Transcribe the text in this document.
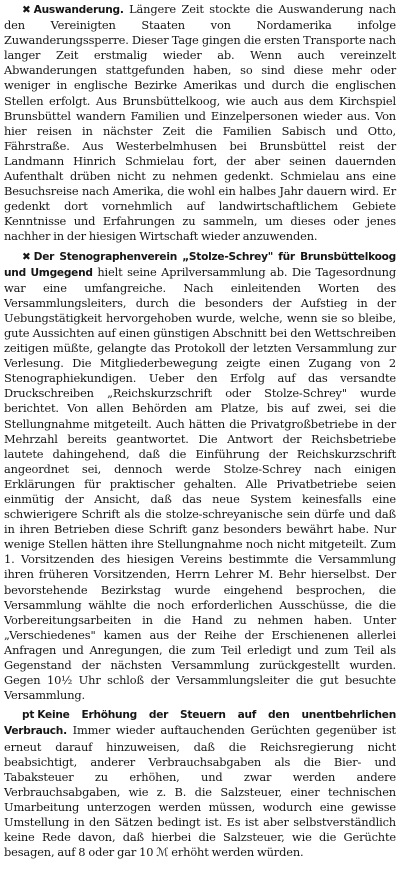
✖ Auswanderung. Längere Zeit stockte die Auswanderung nach den Vereinigten Staaten von Nordamerika infolge Zuwanderungssperre. Dieser Tage gingen die ersten Transporte nach langer Zeit erstmalig wieder ab. Wenn auch vereinzelt Abwanderungen stattgefunden haben, so sind diese mehr oder weniger in englische Bezirke Amerikas und durch die englischen Stellen erfolgt. Aus Brunsbüttelkoog, wie auch aus dem Kirchspiel Brunsbüttel wandern Familien und Einzelpersonen wieder aus. Von hier reisen in nächster Zeit die Familien Sabisch und Otto, Fährstraße. Aus Westerbelmhusen bei Brunsbüttel reist der Landmann Hinrich Schmielau fort, der aber seinen dauernden Aufenthalt drüben nicht zu nehmen gedenkt. Schmielau ans eine Besuchsreise nach Amerika, die wohl ein halbes Jahr dauern wird. Er gedenkt dort vornehmlich auf landwirtschaftlichem Gebiete Kenntnisse und Erfahrungen zu sammeln, um dieses oder jenes nachher in der hiesigen Wirtschaft wieder anzuwenden.

✖ Der Stenographenverein „Stolze-Schrey" für Brunsbüttelkoog und Umgegend hielt seine Aprilversammlung ab. Die Tagesordnung war eine umfangreiche. Nach einleitenden Worten des Versammlungsleiters, durch die besonders der Aufstieg in der Uebungstätigkeit hervorgehoben wurde, welche, wenn sie so bleibe, gute Aussichten auf einen günstigen Abschnitt bei den Wettschreiben zeitigen müßte, gelangte das Protokoll der letzten Versammlung zur Verlesung. Die Mitgliederbewegung zeigte einen Zugang von 2 Stenographiekundigen. Ueber den Erfolg auf das versandte Druckschreiben „Reichskurzschrift oder Stolze-Schrey" wurde berichtet. Von allen Behörden am Platze, bis auf zwei, sei die Stellungnahme mitgeteilt. Auch hätten die Privatgroßbetriebe in der Mehrzahl bereits geantwortet. Die Antwort der Reichsbetriebe lautete dahingehend, daß die Einführung der Reichskurzschrift angeordnet sei, dennoch werde Stolze-Schrey nach einigen Erklärungen für praktischer gehalten. Alle Privatbetriebe seien einmütig der Ansicht, daß das neue System keinesfalls eine schwierigere Schrift als die stolze-schreyanische sein dürfe und daß in ihren Betrieben diese Schrift ganz besonders bewährt habe. Nur wenige Stellen hätten ihre Stellungnahme noch nicht mitgeteilt. Zum 1. Vorsitzenden des hiesigen Vereins bestimmte die Versammlung ihren früheren Vorsitzenden, Herrn Lehrer M. Behr hierselbst. Der bevorstehende Bezirkstag wurde eingehend besprochen, die Versammlung wählte die noch erforderlichen Ausschüsse, die die Vorbereitungsarbeiten in die Hand zu nehmen haben. Unter „Verschiedenes" kamen aus der Reihe der Erschienenen allerlei Anfragen und Anregungen, die zum Teil erledigt und zum Teil als Gegenstand der nächsten Versammlung zurückgestellt wurden. Gegen 10½ Uhr schloß der Versammlungsleiter die gut besuchte Versammlung.

pt Keine Erhöhung der Steuern auf den unentbehrlichen Verbrauch. Immer wieder auftauchenden Gerüchten gegenüber ist erneut darauf hinzuweisen, daß die Reichsregierung nicht beabsichtigt, anderer Verbrauchsabgaben als die Bier- und Tabaksteuer zu erhöhen, und zwar werden andere Verbrauchsabgaben, wie z. B. die Salzsteuer, einer technischen Umarbeitung unterzogen werden müssen, wodurch eine gewisse Umstellung in den Sätzen bedingt ist. Es ist aber selbstverständlich keine Rede davon, daß hierbei die Salzsteuer, wie die Gerüchte besagen, auf 8 oder gar 10 ℳ erhöht werden würden.
